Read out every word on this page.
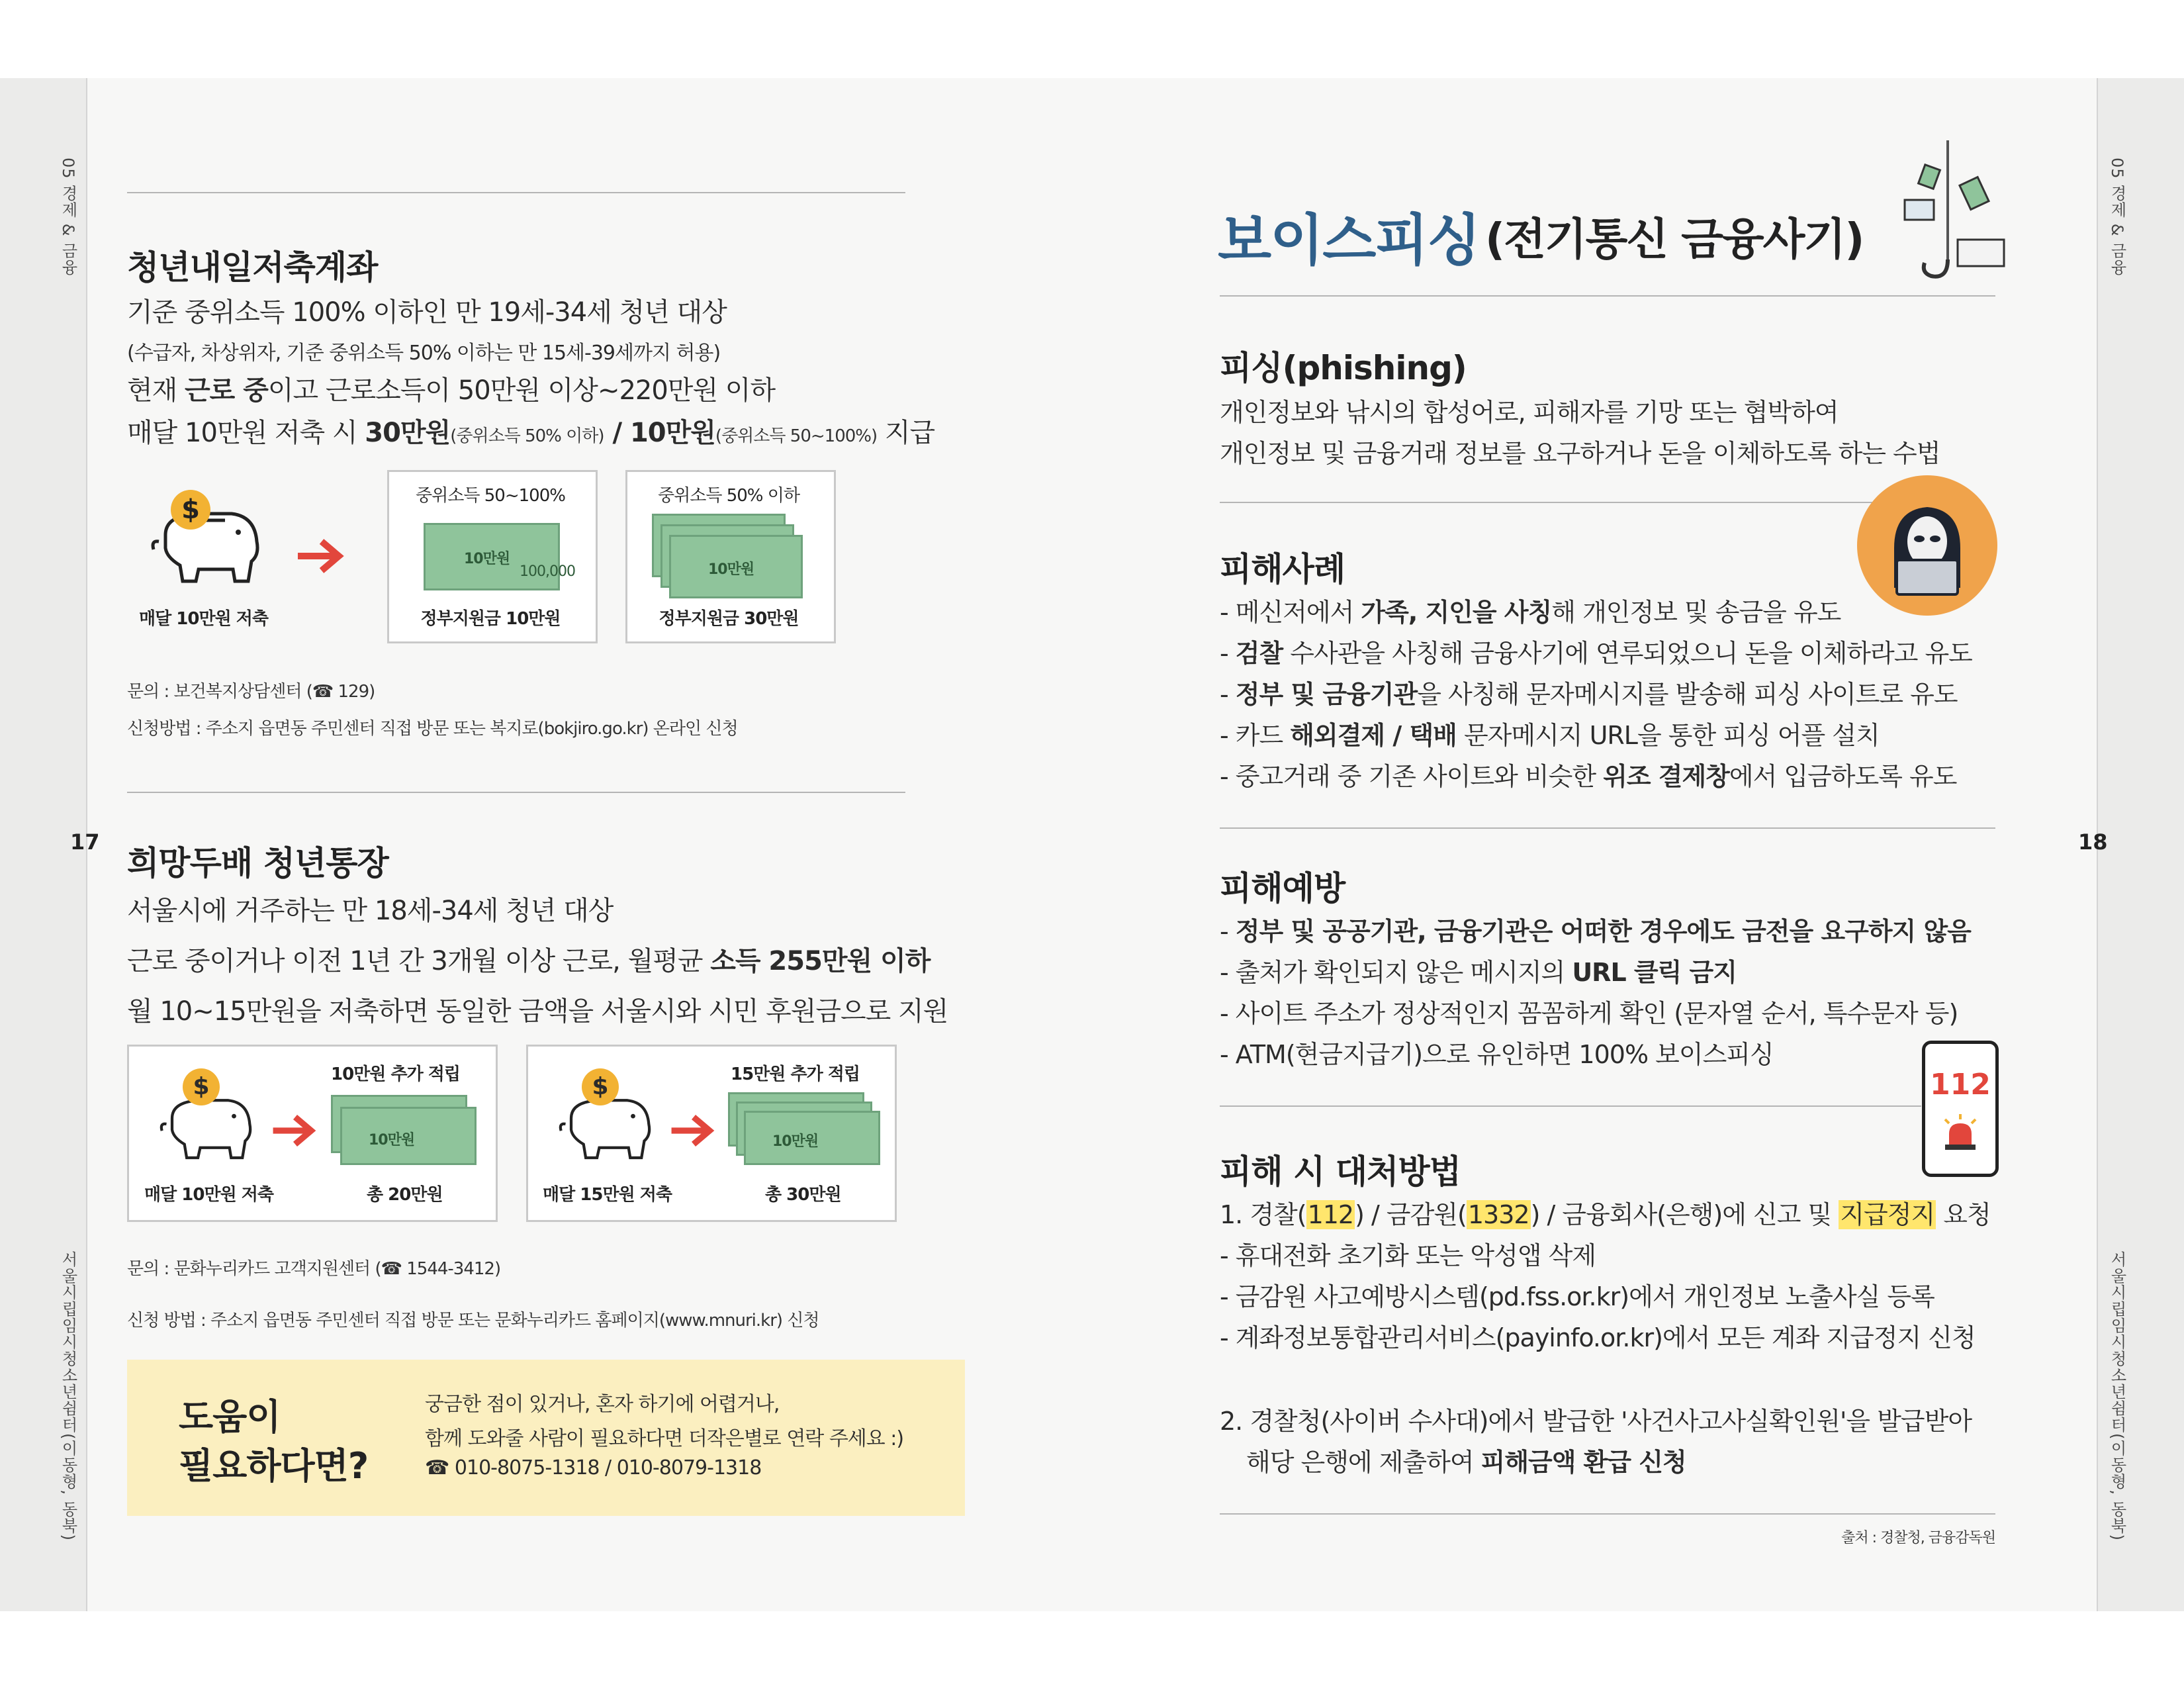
05 경제 & 금융
17
서울시립임시청소년쉼터(이동형, 동북)
05 경제 & 금융
18
서울시립임시청소년쉼터(이동형, 동북)
청년내일저축계좌
기준 중위소득 100% 이하인 만 19세-34세 청년 대상
(수급자, 차상위자, 기준 중위소득 50% 이하는 만 15세-39세까지 허용)
현재 근로 중이고 근로소득이 50만원 이상~220만원 이하
매달 10만원 저축 시 30만원(중위소득 50% 이하) / 10만원(중위소득 50~100%) 지급
$
매달 10만원 저축
중위소득 50~100%
10만원
100,000
정부지원금 10만원
중위소득 50% 이하
10만원
정부지원금 30만원
문의 : 보건복지상담센터 (☎ 129)
신청방법 : 주소지 읍면동 주민센터 직접 방문 또는 복지로(bokjiro.go.kr) 온라인 신청
희망두배 청년통장
서울시에 거주하는 만 18세-34세 청년 대상
근로 중이거나 이전 1년 간 3개월 이상 근로, 월평균 소득 255만원 이하
월 10~15만원을 저축하면 동일한 금액을 서울시와 시민 후원금으로 지원
$	10만원 추가 적립
10만원
매달 10만원 저축	총 20만원
$	15만원 추가 적립
10만원
매달 15만원 저축	총 30만원
문의 : 문화누리카드 고객지원센터 (☎ 1544-3412)
신청 방법 : 주소지 읍면동 주민센터 직접 방문 또는 문화누리카드 홈페이지(www.mnuri.kr) 신청
도움이
필요하다면?
궁금한 점이 있거나, 혼자 하기에 어렵거나,
함께 도와줄 사람이 필요하다면 더작은별로 연락 주세요 :)
☎ 010-8075-1318 / 010-8079-1318
보이스피싱 (전기통신 금융사기)
피싱(phishing)
개인정보와 낚시의 합성어로, 피해자를 기망 또는 협박하여
개인정보 및 금융거래 정보를 요구하거나 돈을 이체하도록 하는 수법
피해사례
- 메신저에서 가족, 지인을 사칭해 개인정보 및 송금을 유도
- 검찰 수사관을 사칭해 금융사기에 연루되었으니 돈을 이체하라고 유도
- 정부 및 금융기관을 사칭해 문자메시지를 발송해 피싱 사이트로 유도
- 카드 해외결제 / 택배 문자메시지 URL을 통한 피싱 어플 설치
- 중고거래 중 기존 사이트와 비슷한 위조 결제창에서 입금하도록 유도
피해예방
- 정부 및 공공기관, 금융기관은 어떠한 경우에도 금전을 요구하지 않음
- 출처가 확인되지 않은 메시지의 URL 클릭 금지
- 사이트 주소가 정상적인지 꼼꼼하게 확인 (문자열 순서, 특수문자 등)
- ATM(현금지급기)으로 유인하면 100% 보이스피싱
112
피해 시 대처방법
1. 경찰(112) / 금감원(1332) / 금융회사(은행)에 신고 및 지급정지 요청
- 휴대전화 초기화 또는 악성앱 삭제
- 금감원 사고예방시스템(pd.fss.or.kr)에서 개인정보 노출사실 등록
- 계좌정보통합관리서비스(payinfo.or.kr)에서 모든 계좌 지급정지 신청
2. 경찰청(사이버 수사대)에서 발급한 '사건사고사실확인원'을 발급받아
해당 은행에 제출하여 피해금액 환급 신청
출처 : 경찰청, 금융감독원
